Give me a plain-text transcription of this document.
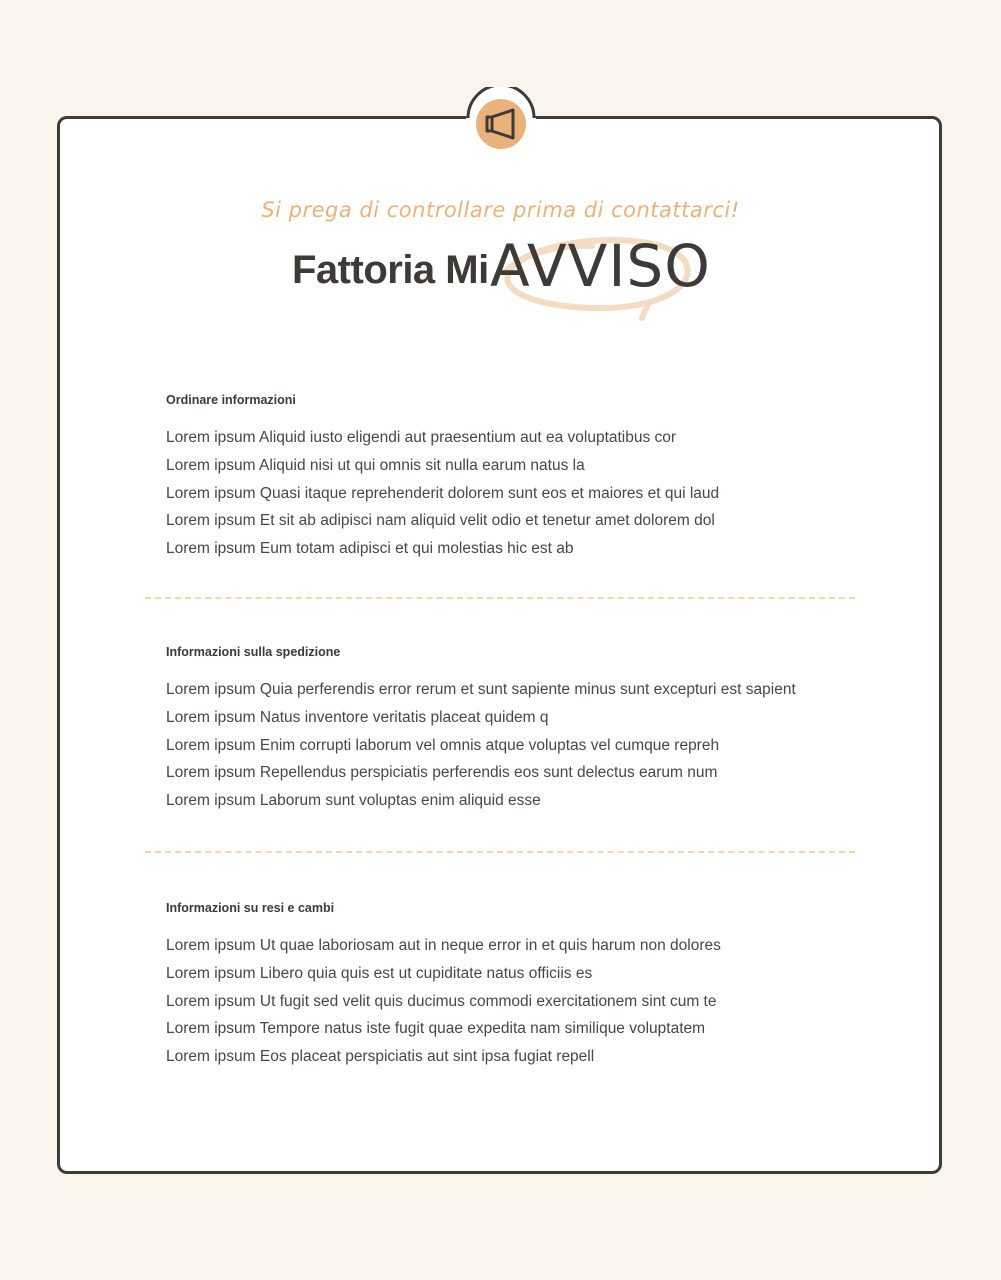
Si prega di controllare prima di contattarci!
Fattoria Mi AVVISO
Ordinare informazioni
Lorem ipsum Aliquid iusto eligendi aut praesentium aut ea voluptatibus cor
Lorem ipsum Aliquid nisi ut qui omnis sit nulla earum natus la
Lorem ipsum Quasi itaque reprehenderit dolorem sunt eos et maiores et qui laud
Lorem ipsum Et sit ab adipisci nam aliquid velit odio et tenetur amet dolorem dol
Lorem ipsum Eum totam adipisci et qui molestias hic est ab
Informazioni sulla spedizione
Lorem ipsum Quia perferendis error rerum et sunt sapiente minus sunt excepturi est sapient
Lorem ipsum Natus inventore veritatis placeat quidem q
Lorem ipsum Enim corrupti laborum vel omnis atque voluptas vel cumque repreh
Lorem ipsum Repellendus perspiciatis perferendis eos sunt delectus earum num
Lorem ipsum Laborum sunt voluptas enim aliquid esse
Informazioni su resi e cambi
Lorem ipsum Ut quae laboriosam aut in neque error in et quis harum non dolores
Lorem ipsum Libero quia quis est ut cupiditate natus officiis es
Lorem ipsum Ut fugit sed velit quis ducimus commodi exercitationem sint cum te
Lorem ipsum Tempore natus iste fugit quae expedita nam similique voluptatem
Lorem ipsum Eos placeat perspiciatis aut sint ipsa fugiat repell
